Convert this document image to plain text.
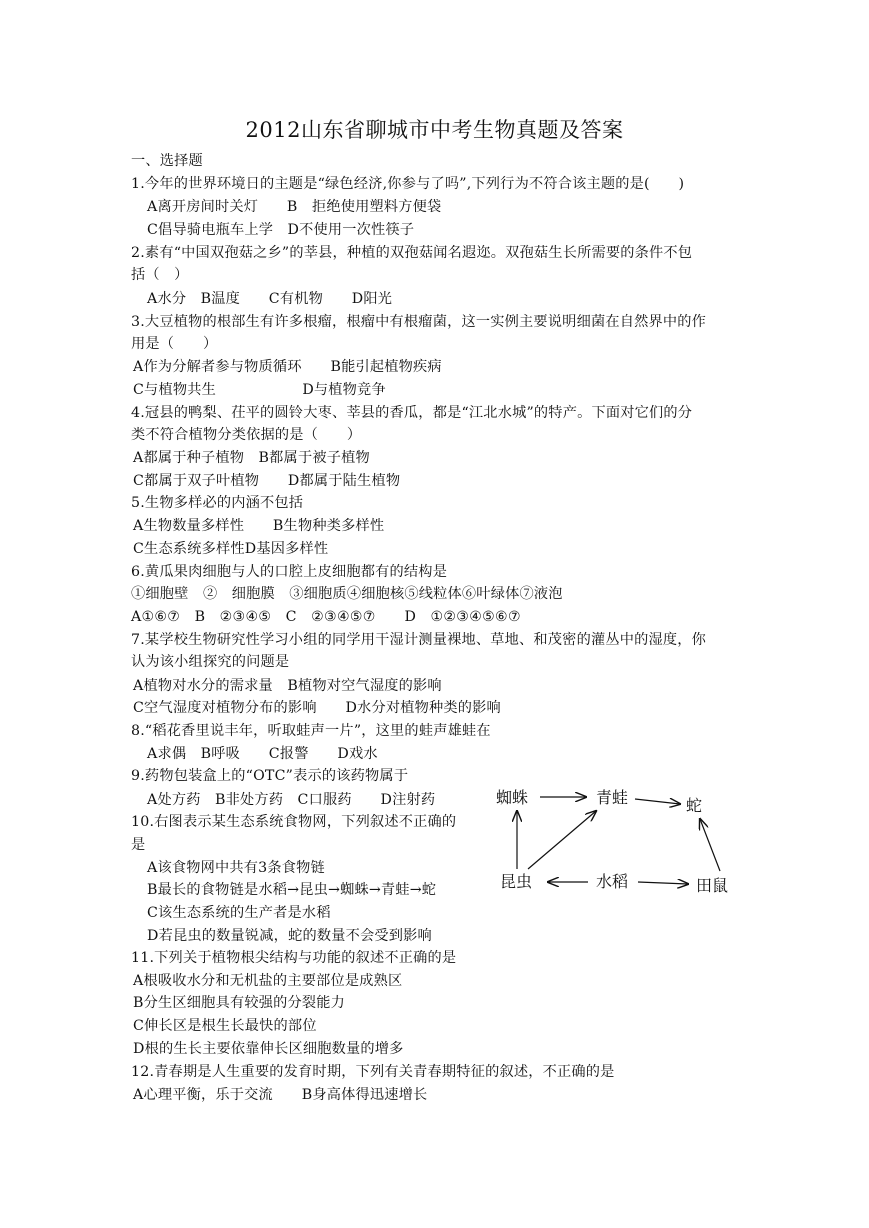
2012山东省聊城市中考生物真题及答案
一、选择题
1.今年的世界环境日的主题是“绿色经济,你参与了吗”,下列行为不符合该主题的是(　　)
A离开房间时关灯　　B　拒绝使用塑料方便袋
C倡导骑电瓶车上学　D不使用一次性筷子
2.素有“中国双孢菇之乡”的莘县，种植的双孢菇闻名遐迩。双孢菇生长所需要的条件不包
括（　）
A水分　B温度　　C有机物　　D阳光
3.大豆植物的根部生有许多根瘤，根瘤中有根瘤菌，这一实例主要说明细菌在自然界中的作
用是（　　）
A作为分解者参与物质循环　　B能引起植物疾病
C与植物共生　　　　　　D与植物竞争
4.冠县的鸭梨、茌平的圆铃大枣、莘县的香瓜，都是“江北水城”的特产。下面对它们的分
类不符合植物分类依据的是（　　）
A都属于种子植物　B都属于被子植物
C都属于双子叶植物　　D都属于陆生植物
5.生物多样必的内涵不包括
A生物数量多样性　　B生物种类多样性
C生态系统多样性D基因多样性
6.黄瓜果肉细胞与人的口腔上皮细胞都有的结构是
①细胞壁　②　细胞膜　③细胞质④细胞核⑤线粒体⑥叶绿体⑦液泡
A①⑥⑦　B　②③④⑤　C　②③④⑤⑦　　D　①②③④⑤⑥⑦
7.某学校生物研究性学习小组的同学用干湿计测量裸地、草地、和茂密的灌丛中的湿度，你
认为该小组探究的问题是
A植物对水分的需求量　B植物对空气湿度的影响
C空气湿度对植物分布的影响　　D水分对植物种类的影响
8.“稻花香里说丰年，听取蛙声一片”，这里的蛙声雄蛙在
A求偶　B呼吸　　C报警　　D戏水
9.药物包装盒上的“OTC”表示的该药物属于
A处方药　B非处方药　C口服药　　D注射药
10.右图表示某生态系统食物网，下列叙述不正确的
是
A该食物网中共有3条食物链
B最长的食物链是水稻→昆虫→蜘蛛→青蛙→蛇
C该生态系统的生产者是水稻
D若昆虫的数量锐减，蛇的数量不会受到影响
11.下列关于植物根尖结构与功能的叙述不正确的是
A根吸收水分和无机盐的主要部位是成熟区
B分生区细胞具有较强的分裂能力
C伸长区是根生长最快的部位
D根的生长主要依靠伸长区细胞数量的增多
12.青春期是人生重要的发育时期，下列有关青春期特征的叙述，不正确的是
A心理平衡，乐于交流　　B身高体得迅速增长
蜘蛛	青蛙	蛇
昆虫	水稻	田鼠
